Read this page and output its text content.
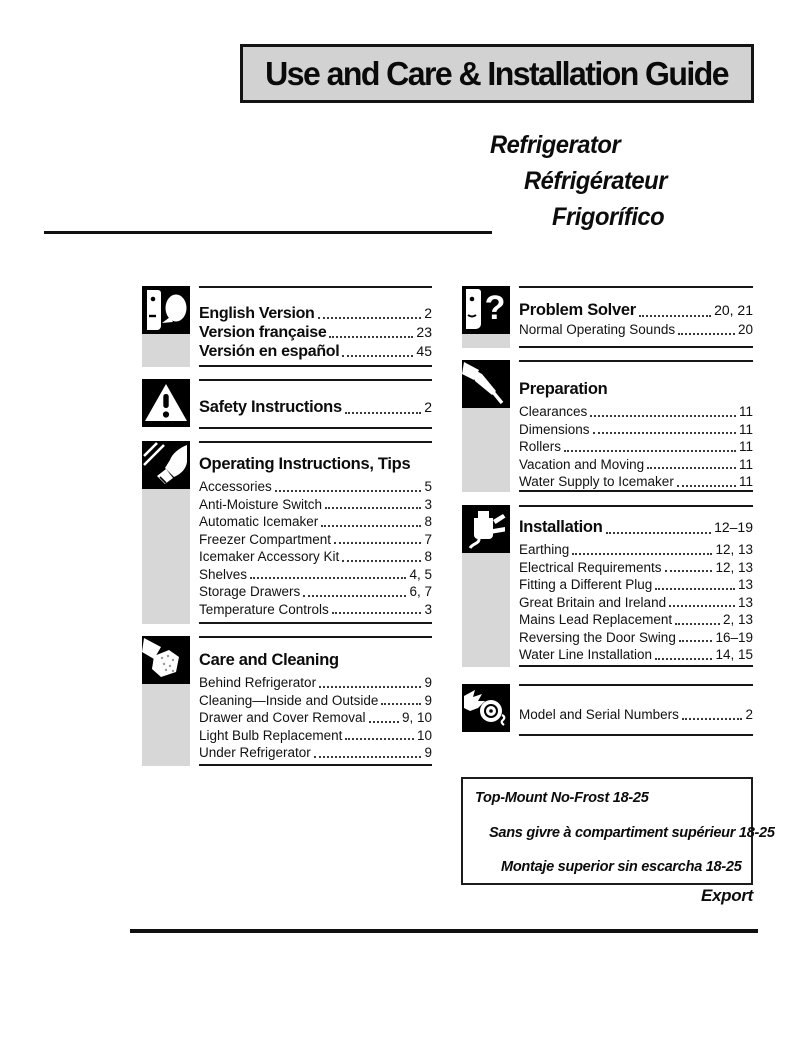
Use and Care & Installation Guide
Refrigerator
Réfrigérateur
Frigorífico
English Version	2
Version française	23
Versión en español	45
Safety Instructions	2
Operating Instructions, Tips
Accessories	5
Anti-Moisture Switch	3
Automatic Icemaker	8
Freezer Compartment	7
Icemaker Accessory Kit	8
Shelves	4, 5
Storage Drawers	6, 7
Temperature Controls	3
Care and Cleaning
Behind Refrigerator	9
Cleaning—Inside and Outside	9
Drawer and Cover Removal	9, 10
Light Bulb Replacement	10
Under Refrigerator	9
? Problem Solver	20, 21
Normal Operating Sounds	20
Preparation
Clearances	11
Dimensions	11
Rollers	11
Vacation and Moving	11
Water Supply to Icemaker	11
Installation	12–19
Earthing	12, 13
Electrical Requirements	12, 13
Fitting a Different Plug	13
Great Britain and Ireland	13
Mains Lead Replacement	2, 13
Reversing the Door Swing	16–19
Water Line Installation	14, 15
Model and Serial Numbers	2
Top-Mount No-Frost 18-25
Sans givre à compartiment supérieur 18-25
Montaje superior sin escarcha 18-25
Export
